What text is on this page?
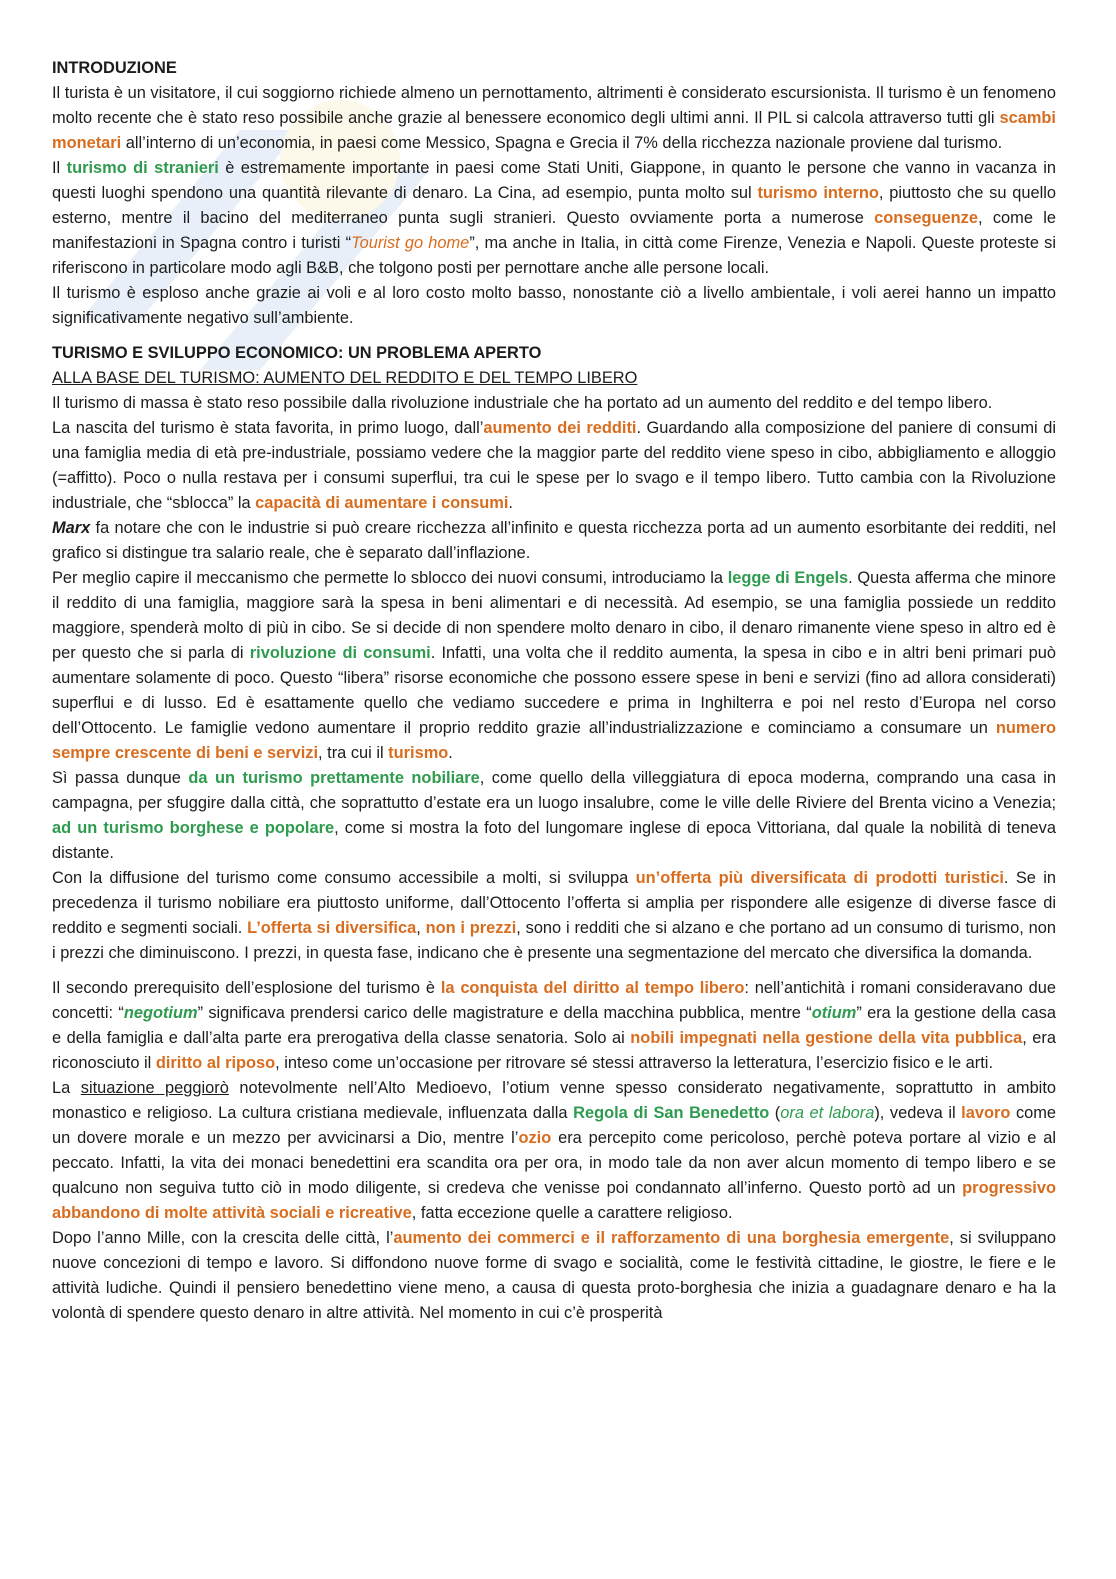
INTRODUZIONE

Il turista è un visitatore, il cui soggiorno richiede almeno un pernottamento, altrimenti è considerato escursionista. Il turismo è un fenomeno molto recente che è stato reso possibile anche grazie al benessere economico degli ultimi anni. Il PIL si calcola attraverso tutti gli scambi monetari all’interno di un’economia, in paesi come Messico, Spagna e Grecia il 7% della ricchezza nazionale proviene dal turismo.

Il turismo di stranieri è estremamente importante in paesi come Stati Uniti, Giappone, in quanto le persone che vanno in vacanza in questi luoghi spendono una quantità rilevante di denaro. La Cina, ad esempio, punta molto sul turismo interno, piuttosto che su quello esterno, mentre il bacino del mediterraneo punta sugli stranieri. Questo ovviamente porta a numerose conseguenze, come le manifestazioni in Spagna contro i turisti “Tourist go home”, ma anche in Italia, in città come Firenze, Venezia e Napoli. Queste proteste si riferiscono in particolare modo agli B&B, che tolgono posti per pernottare anche alle persone locali.

Il turismo è esploso anche grazie ai voli e al loro costo molto basso, nonostante ciò a livello ambientale, i voli aerei hanno un impatto significativamente negativo sull’ambiente.

TURISMO E SVILUPPO ECONOMICO: UN PROBLEMA APERTO
ALLA BASE DEL TURISMO: AUMENTO DEL REDDITO E DEL TEMPO LIBERO

Il turismo di massa è stato reso possibile dalla rivoluzione industriale che ha portato ad un aumento del reddito e del tempo libero.

La nascita del turismo è stata favorita, in primo luogo, dall’aumento dei redditi. Guardando alla composizione del paniere di consumi di una famiglia media di età pre-industriale, possiamo vedere che la maggior parte del reddito viene speso in cibo, abbigliamento e alloggio (=affitto). Poco o nulla restava per i consumi superflui, tra cui le spese per lo svago e il tempo libero. Tutto cambia con la Rivoluzione industriale, che “sblocca” la capacità di aumentare i consumi.

Marx fa notare che con le industrie si può creare ricchezza all’infinito e questa ricchezza porta ad un aumento esorbitante dei redditi, nel grafico si distingue tra salario reale, che è separato dall’inflazione.

Per meglio capire il meccanismo che permette lo sblocco dei nuovi consumi, introduciamo la legge di Engels. Questa afferma che minore il reddito di una famiglia, maggiore sarà la spesa in beni alimentari e di necessità. Ad esempio, se una famiglia possiede un reddito maggiore, spenderà molto di più in cibo. Se si decide di non spendere molto denaro in cibo, il denaro rimanente viene speso in altro ed è per questo che si parla di rivoluzione di consumi. Infatti, una volta che il reddito aumenta, la spesa in cibo e in altri beni primari può aumentare solamente di poco. Questo “libera” risorse economiche che possono essere spese in beni e servizi (fino ad allora considerati) superflui e di lusso. Ed è esattamente quello che vediamo succedere e prima in Inghilterra e poi nel resto d’Europa nel corso dell’Ottocento. Le famiglie vedono aumentare il proprio reddito grazie all’industrializzazione e cominciamo a consumare un numero sempre crescente di beni e servizi, tra cui il turismo.

Sì passa dunque da un turismo prettamente nobiliare, come quello della villeggiatura di epoca moderna, comprando una casa in campagna, per sfuggire dalla città, che soprattutto d’estate era un luogo insalubre, come le ville delle Riviere del Brenta vicino a Venezia; ad un turismo borghese e popolare, come si mostra la foto del lungomare inglese di epoca Vittoriana, dal quale la nobilità di teneva distante.

Con la diffusione del turismo come consumo accessibile a molti, si sviluppa un’offerta più diversificata di prodotti turistici. Se in precedenza il turismo nobiliare era piuttosto uniforme, dall’Ottocento l’offerta si amplia per rispondere alle esigenze di diverse fasce di reddito e segmenti sociali. L’offerta si diversifica, non i prezzi, sono i redditi che si alzano e che portano ad un consumo di turismo, non i prezzi che diminuiscono. I prezzi, in questa fase, indicano che è presente una segmentazione del mercato che diversifica la domanda.

Il secondo prerequisito dell’esplosione del turismo è la conquista del diritto al tempo libero: nell’antichità i romani consideravano due concetti: “negotium” significava prendersi carico delle magistrature e della macchina pubblica, mentre “otium” era la gestione della casa e della famiglia e dall’alta parte era prerogativa della classe senatoria. Solo ai nobili impegnati nella gestione della vita pubblica, era riconosciuto il diritto al riposo, inteso come un’occasione per ritrovare sé stessi attraverso la letteratura, l’esercizio fisico e le arti.

La situazione peggiorò notevolmente nell’Alto Medioevo, l’otium venne spesso considerato negativamente, soprattutto in ambito monastico e religioso. La cultura cristiana medievale, influenzata dalla Regola di San Benedetto (ora et labora), vedeva il lavoro come un dovere morale e un mezzo per avvicinarsi a Dio, mentre l’ozio era percepito come pericoloso, perchè poteva portare al vizio e al peccato. Infatti, la vita dei monaci benedettini era scandita ora per ora, in modo tale da non aver alcun momento di tempo libero e se qualcuno non seguiva tutto ciò in modo diligente, si credeva che venisse poi condannato all’inferno. Questo portò ad un progressivo abbandono di molte attività sociali e ricreative, fatta eccezione quelle a carattere religioso.

Dopo l’anno Mille, con la crescita delle città, l’aumento dei commerci e il rafforzamento di una borghesia emergente, si sviluppano nuove concezioni di tempo e lavoro. Si diffondono nuove forme di svago e socialità, come le festività cittadine, le giostre, le fiere e le attività ludiche. Quindi il pensiero benedettino viene meno, a causa di questa proto-borghesia che inizia a guadagnare denaro e ha la volontà di spendere questo denaro in altre attività. Nel momento in cui c’è prosperità
